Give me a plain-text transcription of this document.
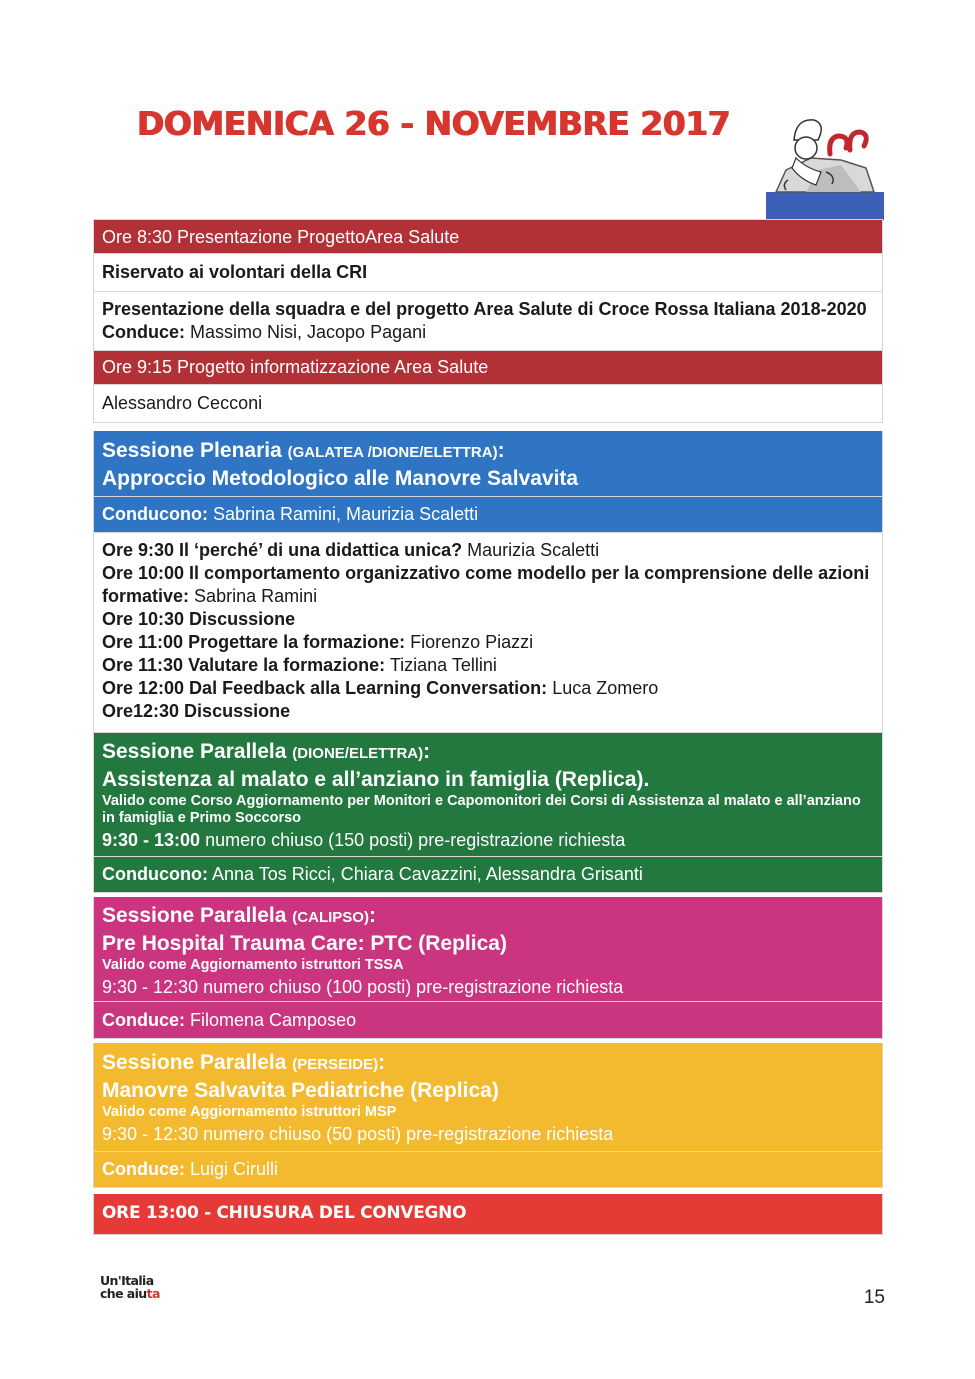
DOMENICA 26 - NOVEMBRE 2017
Ore 8:30 Presentazione ProgettoArea Salute
Riservato ai volontari della CRI
Presentazione della squadra e del progetto Area Salute di Croce Rossa Italiana 2018-2020 Conduce: Massimo Nisi, Jacopo Pagani
Ore 9:15 Progetto informatizzazione Area Salute
Alessandro Cecconi
Sessione Plenaria (GALATEA /DIONE/ELETTRA):
Approccio Metodologico alle Manovre Salvavita
Conducono: Sabrina Ramini, Maurizia Scaletti
Ore 9:30 Il ‘perché’ di una didattica unica? Maurizia Scaletti
Ore 10:00 Il comportamento organizzativo come modello per la comprensione delle azioni formative: Sabrina Ramini
Ore 10:30 Discussione
Ore 11:00 Progettare la formazione: Fiorenzo Piazzi
Ore 11:30 Valutare la formazione: Tiziana Tellini
Ore 12:00 Dal Feedback alla Learning Conversation: Luca Zomero
Ore12:30 Discussione
Sessione Parallela (DIONE/ELETTRA):
Assistenza al malato e all’anziano in famiglia (Replica).
Valido come Corso Aggiornamento per Monitori e Capomonitori dei Corsi di Assistenza al malato e all’anziano in famiglia e Primo Soccorso
9:30 - 13:00 numero chiuso (150 posti) pre-registrazione richiesta
Conducono: Anna Tos Ricci, Chiara Cavazzini, Alessandra Grisanti
Sessione Parallela (CALIPSO):
Pre Hospital Trauma Care: PTC (Replica)
Valido come Aggiornamento istruttori TSSA
9:30 - 12:30 numero chiuso (100 posti) pre-registrazione richiesta
Conduce: Filomena Camposeo
Sessione Parallela (PERSEIDE):
Manovre Salvavita Pediatriche (Replica)
Valido come Aggiornamento istruttori MSP
9:30 - 12:30 numero chiuso (50 posti) pre-registrazione richiesta
Conduce: Luigi Cirulli
ORE 13:00 - CHIUSURA DEL CONVEGNO
Un'Italia
che aiuta	15
